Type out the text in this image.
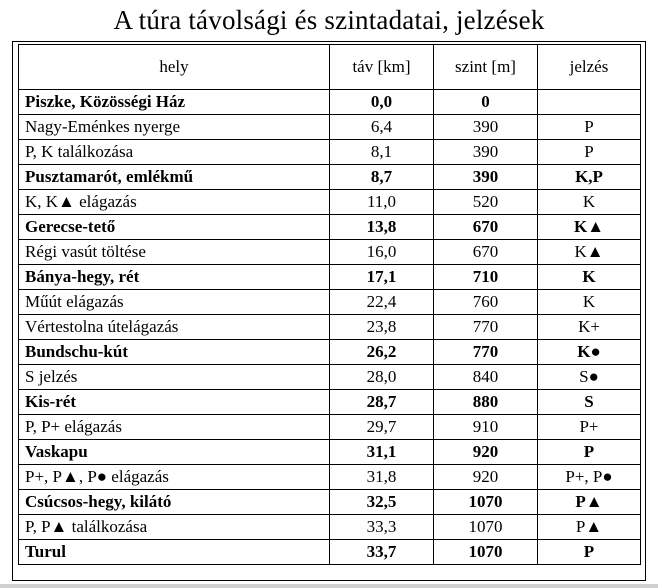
A túra távolsági és szintadatai, jelzések
hely	táv [km]	szint [m]	jelzés
Piszke, Közösségi Ház	0,0	0	
Nagy-Eménkes nyerge	6,4	390	P
P, K találkozása	8,1	390	P
Pusztamarót, emlékmű	8,7	390	K,P
K, K▲ elágazás	11,0	520	K
Gerecse-tető	13,8	670	K▲
Régi vasút töltése	16,0	670	K▲
Bánya-hegy, rét	17,1	710	K
Műút elágazás	22,4	760	K
Vértestolna útelágazás	23,8	770	K+
Bundschu-kút	26,2	770	K●
S jelzés	28,0	840	S●
Kis-rét	28,7	880	S
P, P+ elágazás	29,7	910	P+
Vaskapu	31,1	920	P
P+, P▲, P● elágazás	31,8	920	P+, P●
Csúcsos-hegy, kilátó	32,5	1070	P▲
P, P▲ találkozása	33,3	1070	P▲
Turul	33,7	1070	P
